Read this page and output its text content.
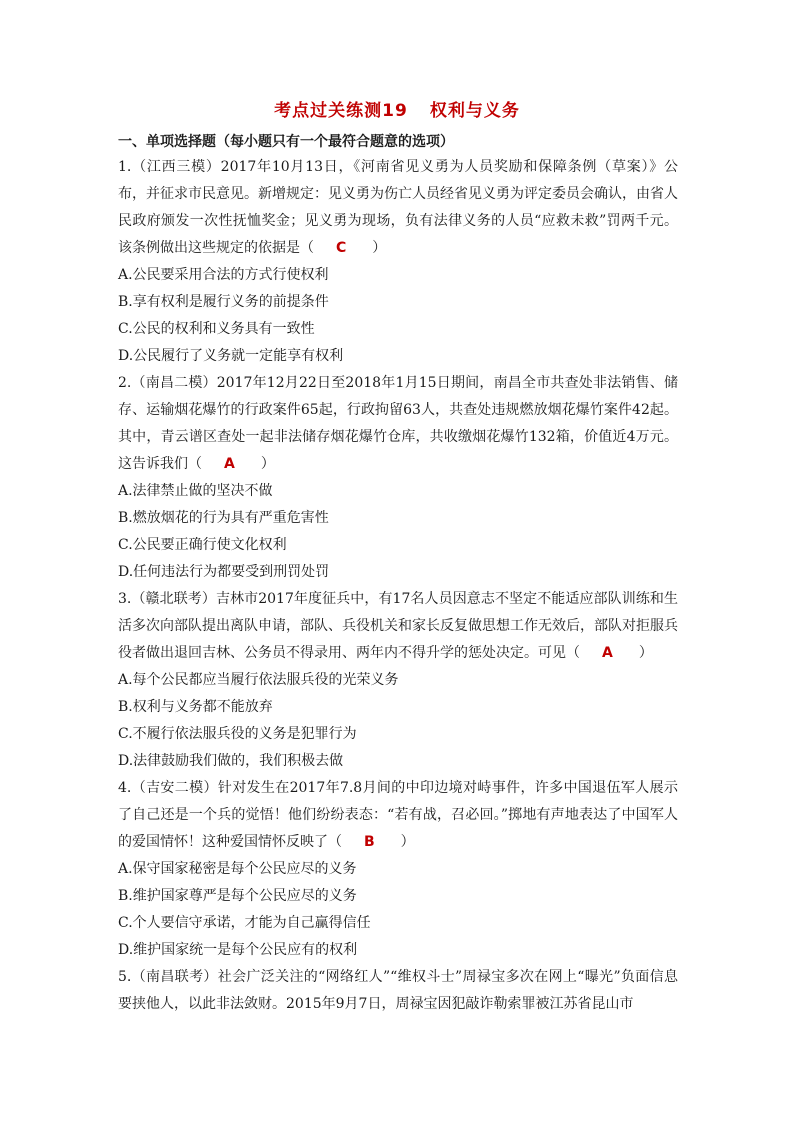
考点过关练测19 权利与义务
一、单项选择题（每小题只有一个最符合题意的选项）

1.（江西三模）2017年10月13日，《河南省见义勇为人员奖励和保障条例（草案）》公布，并征求市民意见。新增规定：见义勇为伤亡人员经省见义勇为评定委员会确认，由省人民政府颁发一次性抚恤奖金；见义勇为现场，负有法律义务的人员“应救未救”罚两千元。该条例做出这些规定的依据是（ C ）

A.公民要采用合法的方式行使权利
B.享有权利是履行义务的前提条件
C.公民的权利和义务具有一致性
D.公民履行了义务就一定能享有权利

2.（南昌二模）2017年12月22日至2018年1月15日期间，南昌全市共查处非法销售、储存、运输烟花爆竹的行政案件65起，行政拘留63人，共查处违规燃放烟花爆竹案件42起。其中，青云谱区查处一起非法储存烟花爆竹仓库，共收缴烟花爆竹132箱，价值近4万元。这告诉我们（ A ）

A.法律禁止做的坚决不做
B.燃放烟花的行为具有严重危害性
C.公民要正确行使文化权利
D.任何违法行为都要受到刑罚处罚

3.（赣北联考）吉林市2017年度征兵中，有17名人员因意志不坚定不能适应部队训练和生活多次向部队提出离队申请，部队、兵役机关和家长反复做思想工作无效后，部队对拒服兵役者做出退回吉林、公务员不得录用、两年内不得升学的惩处决定。可见（ A ）

A.每个公民都应当履行依法服兵役的光荣义务
B.权利与义务都不能放弃
C.不履行依法服兵役的义务是犯罪行为
D.法律鼓励我们做的，我们积极去做

4.（吉安二模）针对发生在2017年7.8月间的中印边境对峙事件，许多中国退伍军人展示了自己还是一个兵的觉悟！他们纷纷表态：“若有战，召必回。”掷地有声地表达了中国军人的爱国情怀！这种爱国情怀反映了（ B ）

A.保守国家秘密是每个公民应尽的义务
B.维护国家尊严是每个公民应尽的义务
C.个人要信守承诺，才能为自己赢得信任
D.维护国家统一是每个公民应有的权利

5.（南昌联考）社会广泛关注的“网络红人”“维权斗士”周禄宝多次在网上“曝光”负面信息要挟他人，以此非法敛财。2015年9月7日，周禄宝因犯敲诈勒索罪被江苏省昆山市
